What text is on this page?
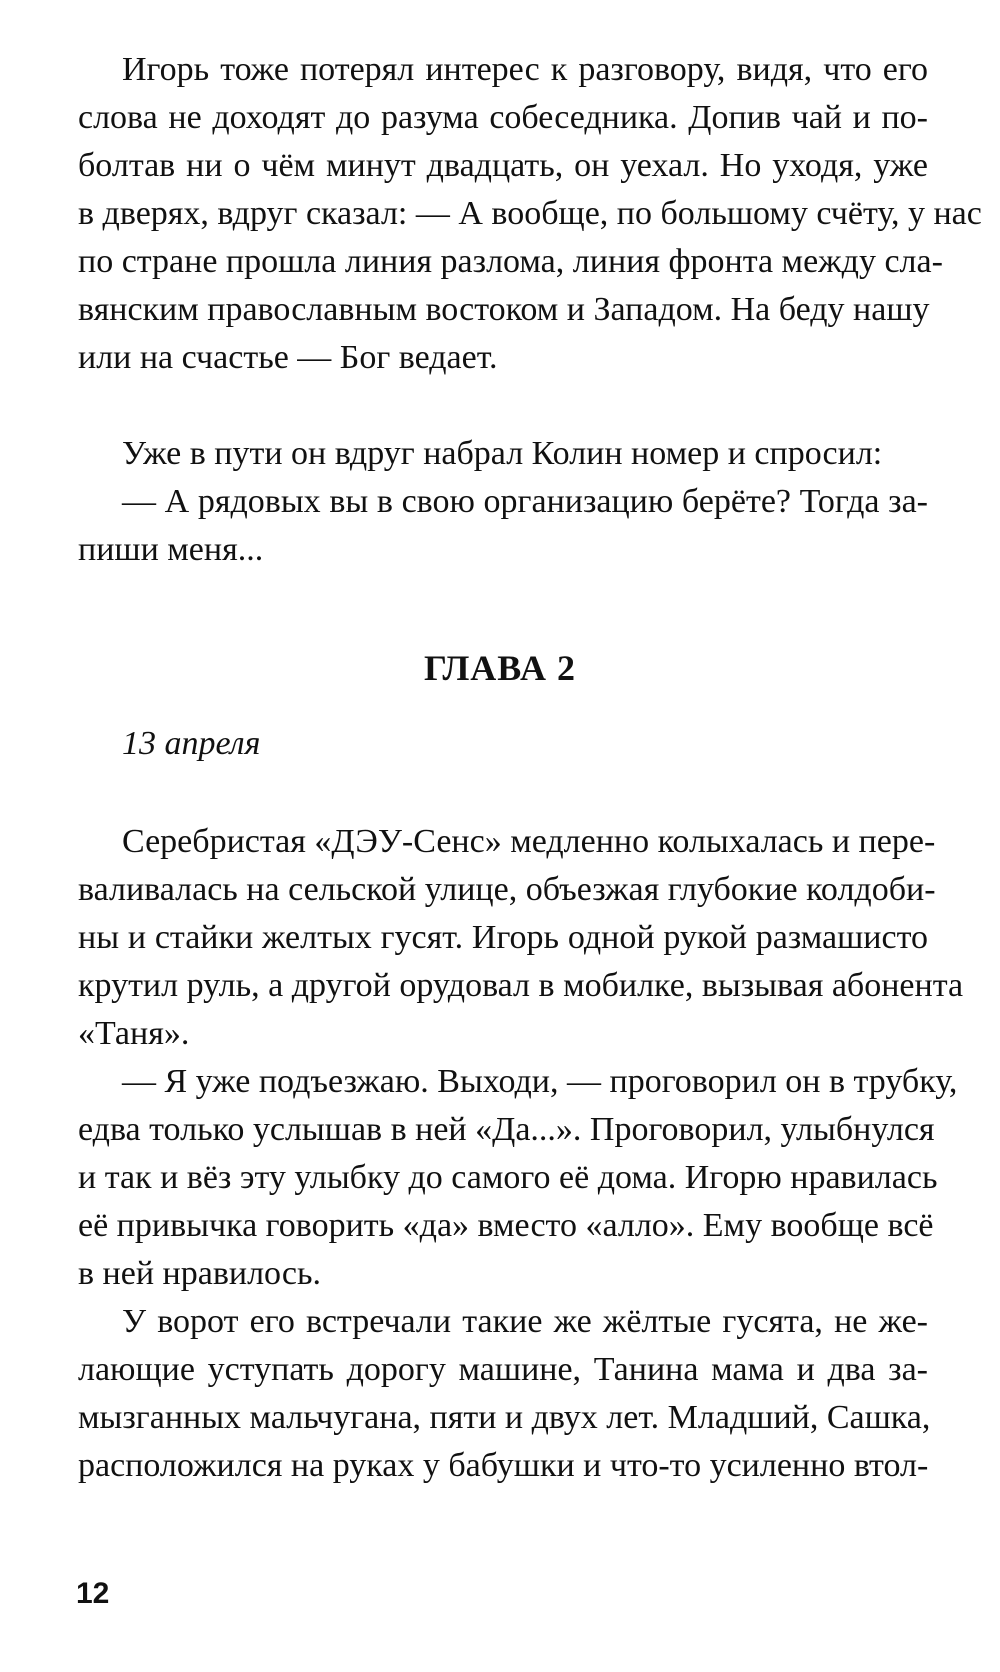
Игорь тоже потерял интерес к разговору, видя, что его
слова не доходят до разума собеседника. Допив чай и по-
болтав ни о чём минут двадцать, он уехал. Но уходя, уже
в дверях, вдруг сказал: — А вообще, по большому счёту, у нас
по стране прошла линия разлома, линия фронта между сла-
вянским православным востоком и Западом. На беду нашу
или на счастье — Бог ведает.
Уже в пути он вдруг набрал Колин номер и спросил:
— А рядовых вы в свою организацию берёте? Тогда за-
пиши меня...
ГЛАВА 2
13 апреля
Серебристая «ДЭУ-Сенс» медленно колыхалась и пере-
валивалась на сельской улице, объезжая глубокие колдоби-
ны и стайки желтых гусят. Игорь одной рукой размашисто
крутил руль, а другой орудовал в мобилке, вызывая абонента
«Таня».
— Я уже подъезжаю. Выходи, — проговорил он в трубку,
едва только услышав в ней «Да...». Проговорил, улыбнулся
и так и вёз эту улыбку до самого её дома. Игорю нравилась
её привычка говорить «да» вместо «алло». Ему вообще всё
в ней нравилось.
У ворот его встречали такие же жёлтые гусята, не же-
лающие уступать дорогу машине, Танина мама и два за-
мызганных мальчугана, пяти и двух лет. Младший, Сашка,
расположился на руках у бабушки и что-то усиленно втол-
12
